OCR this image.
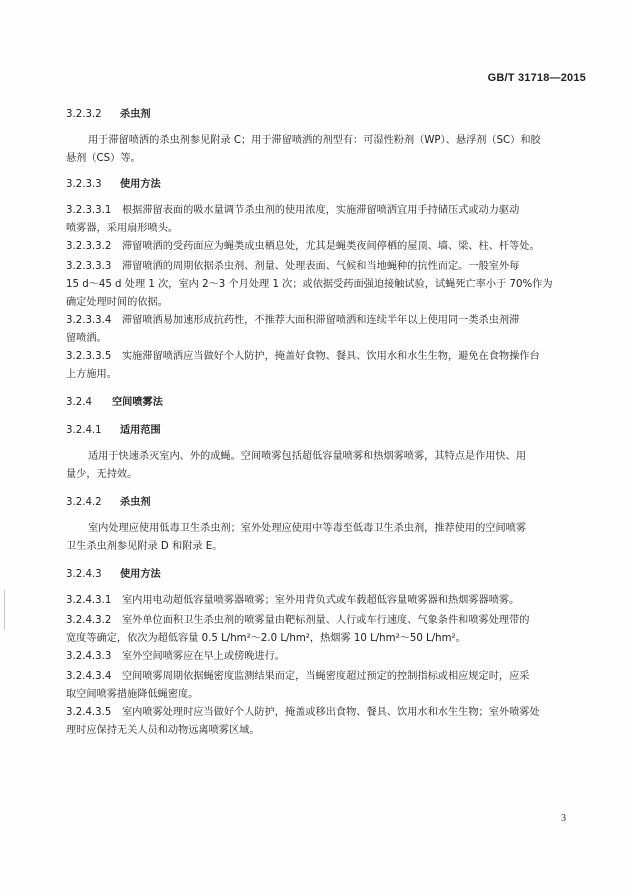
GB/T 31718—2015
3.2.3.2 杀虫剂
用于滞留喷洒的杀虫剂参见附录 C；用于滞留喷洒的剂型有：可湿性粉剂（WP）、悬浮剂（SC）和胶
悬剂（CS）等。
3.2.3.3 使用方法
3.2.3.3.1 根据滞留表面的吸水量调节杀虫剂的使用浓度，实施滞留喷洒宜用手持储压式或动力驱动
喷雾器，采用扇形喷头。
3.2.3.3.2 滞留喷洒的受药面应为蝇类成虫栖息处，尤其是蝇类夜间停栖的屋顶、墙、梁、柱、杆等处。
3.2.3.3.3 滞留喷洒的周期依据杀虫剂、剂量、处理表面、气候和当地蝇种的抗性而定。一般室外每
15 d～45 d 处理 1 次，室内 2～3 个月处理 1 次；或依据受药面强迫接触试验，试蝇死亡率小于 70%作为
确定处理时间的依据。
3.2.3.3.4 滞留喷洒易加速形成抗药性，不推荐大面积滞留喷洒和连续半年以上使用同一类杀虫剂滞
留喷洒。
3.2.3.3.5 实施滞留喷洒应当做好个人防护，掩盖好食物、餐具、饮用水和水生生物，避免在食物操作台
上方施用。
3.2.4 空间喷雾法
3.2.4.1 适用范围
适用于快速杀灭室内、外的成蝇。空间喷雾包括超低容量喷雾和热烟雾喷雾，其特点是作用快、用
量少，无持效。
3.2.4.2 杀虫剂
室内处理应使用低毒卫生杀虫剂；室外处理应使用中等毒至低毒卫生杀虫剂，推荐使用的空间喷雾
卫生杀虫剂参见附录 D 和附录 E。
3.2.4.3 使用方法
3.2.4.3.1 室内用电动超低容量喷雾器喷雾；室外用背负式或车载超低容量喷雾器和热烟雾器喷雾。
3.2.4.3.2 室外单位面积卫生杀虫剂的喷雾量由靶标剂量、人行或车行速度、气象条件和喷雾处理带的
宽度等确定，依次为超低容量 0.5 L/hm²～2.0 L/hm²，热烟雾 10 L/hm²～50 L/hm²。
3.2.4.3.3 室外空间喷雾应在早上或傍晚进行。
3.2.4.3.4 空间喷雾周期依据蝇密度监测结果而定，当蝇密度超过预定的控制指标或相应规定时，应采
取空间喷雾措施降低蝇密度。
3.2.4.3.5 室内喷雾处理时应当做好个人防护，掩盖或移出食物、餐具、饮用水和水生生物；室外喷雾处
理时应保持无关人员和动物远离喷雾区域。
3
